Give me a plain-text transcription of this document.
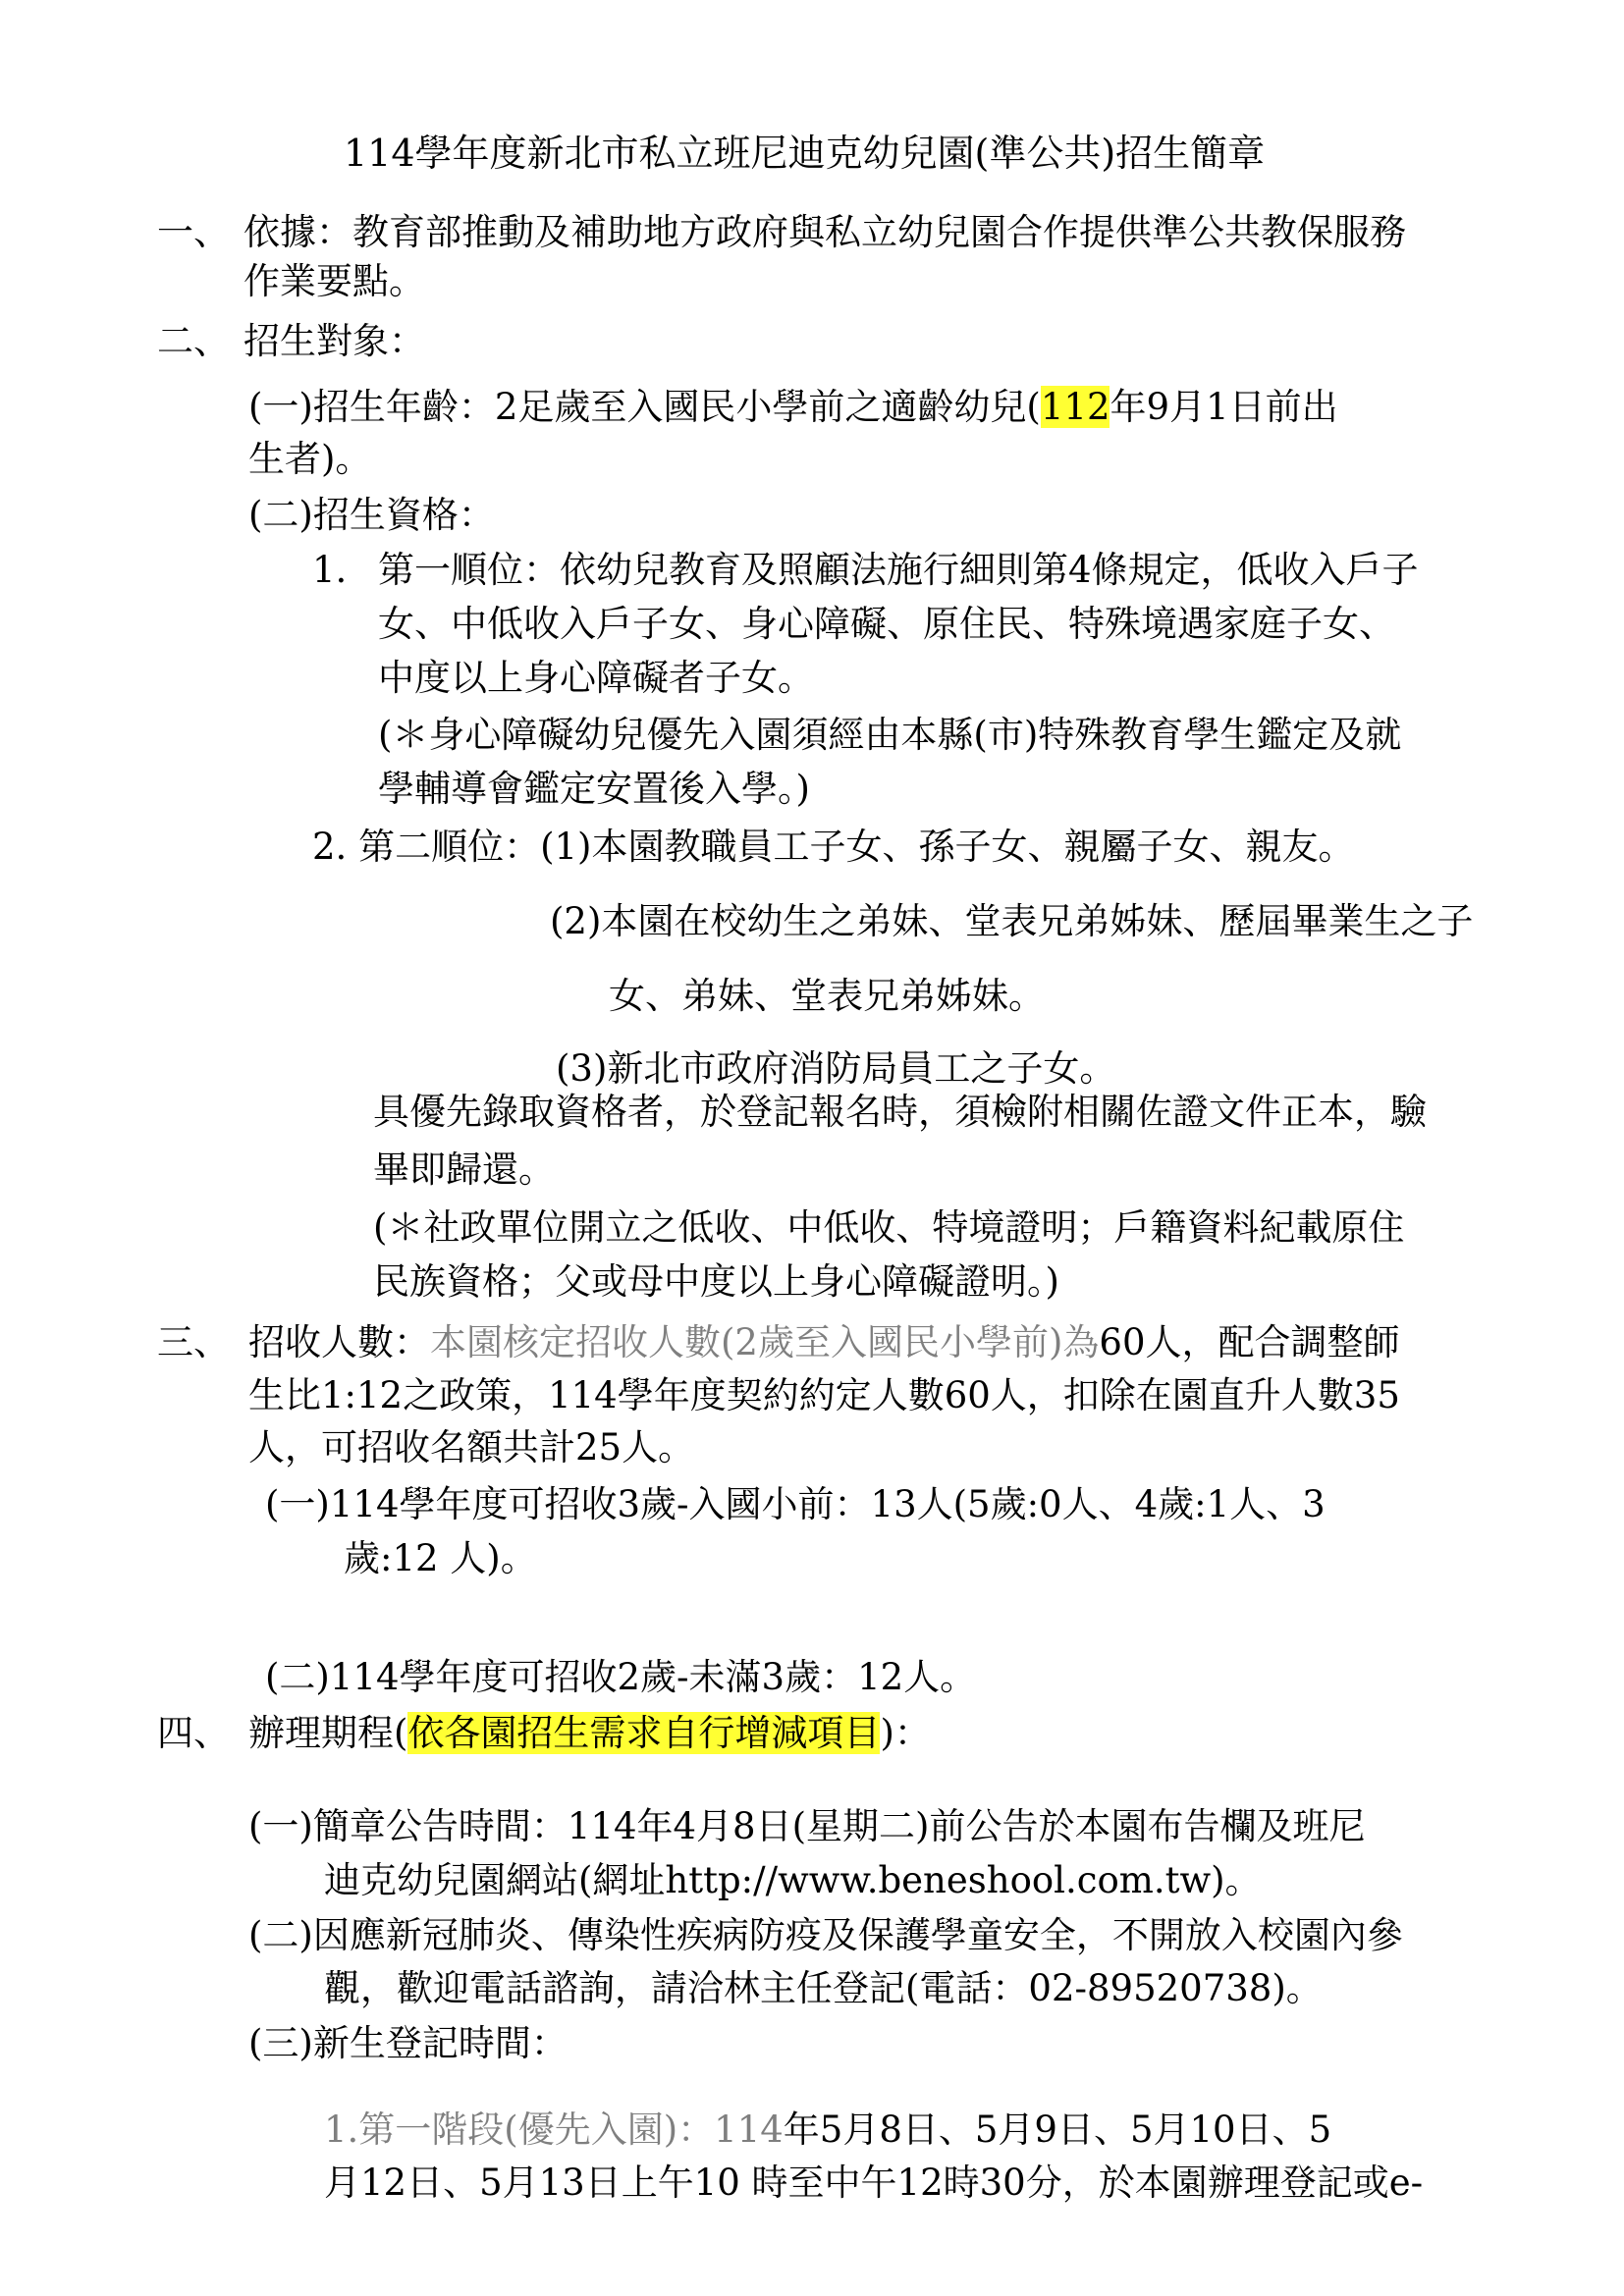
114學年度新北市私立班尼迪克幼兒園(準公共)招生簡章
一、 依據：教育部推動及補助地方政府與私立幼兒園合作提供準公共教保服務
作業要點。
二、 招生對象：
(一)招生年齡：2足歲至入國民小學前之適齡幼兒(112年9月1日前出
生者)。
(二)招生資格：
1. 第一順位：依幼兒教育及照顧法施行細則第4條規定，低收入戶子
女、中低收入戶子女、身心障礙、原住民、特殊境遇家庭子女、
中度以上身心障礙者子女。
(＊身心障礙幼兒優先入園須經由本縣(市)特殊教育學生鑑定及就
學輔導會鑑定安置後入學。)
2. 第二順位：(1)本園教職員工子女、孫子女、親屬子女、親友。
(2)本園在校幼生之弟妹、堂表兄弟姊妹、歷屆畢業生之子
女、弟妹、堂表兄弟姊妹。
(3)新北市政府消防局員工之子女。
具優先錄取資格者，於登記報名時，須檢附相關佐證文件正本，驗
畢即歸還。
(＊社政單位開立之低收、中低收、特境證明；戶籍資料紀載原住
民族資格；父或母中度以上身心障礙證明。)
三、 招收人數：本園核定招收人數(2歲至入國民小學前)為60人，配合調整師
生比1:12之政策，114學年度契約約定人數60人，扣除在園直升人數35
人，可招收名額共計25人。
(一)114學年度可招收3歲-入國小前：13人(5歲:0人、4歲:1人、3
歲:12 人)。
(二)114學年度可招收2歲-未滿3歲：12人。
四、 辦理期程(依各園招生需求自行增減項目)：
(一)簡章公告時間：114年4月8日(星期二)前公告於本園布告欄及班尼
迪克幼兒園網站(網址http://www.beneshool.com.tw)。
(二)因應新冠肺炎、傳染性疾病防疫及保護學童安全，不開放入校園內參
觀，歡迎電話諮詢，請洽林主任登記(電話：02-89520738)。
(三)新生登記時間：
1.第一階段(優先入園)：114年5月8日、5月9日、5月10日、5
月12日、5月13日上午10 時至中午12時30分，於本園辦理登記或e-
